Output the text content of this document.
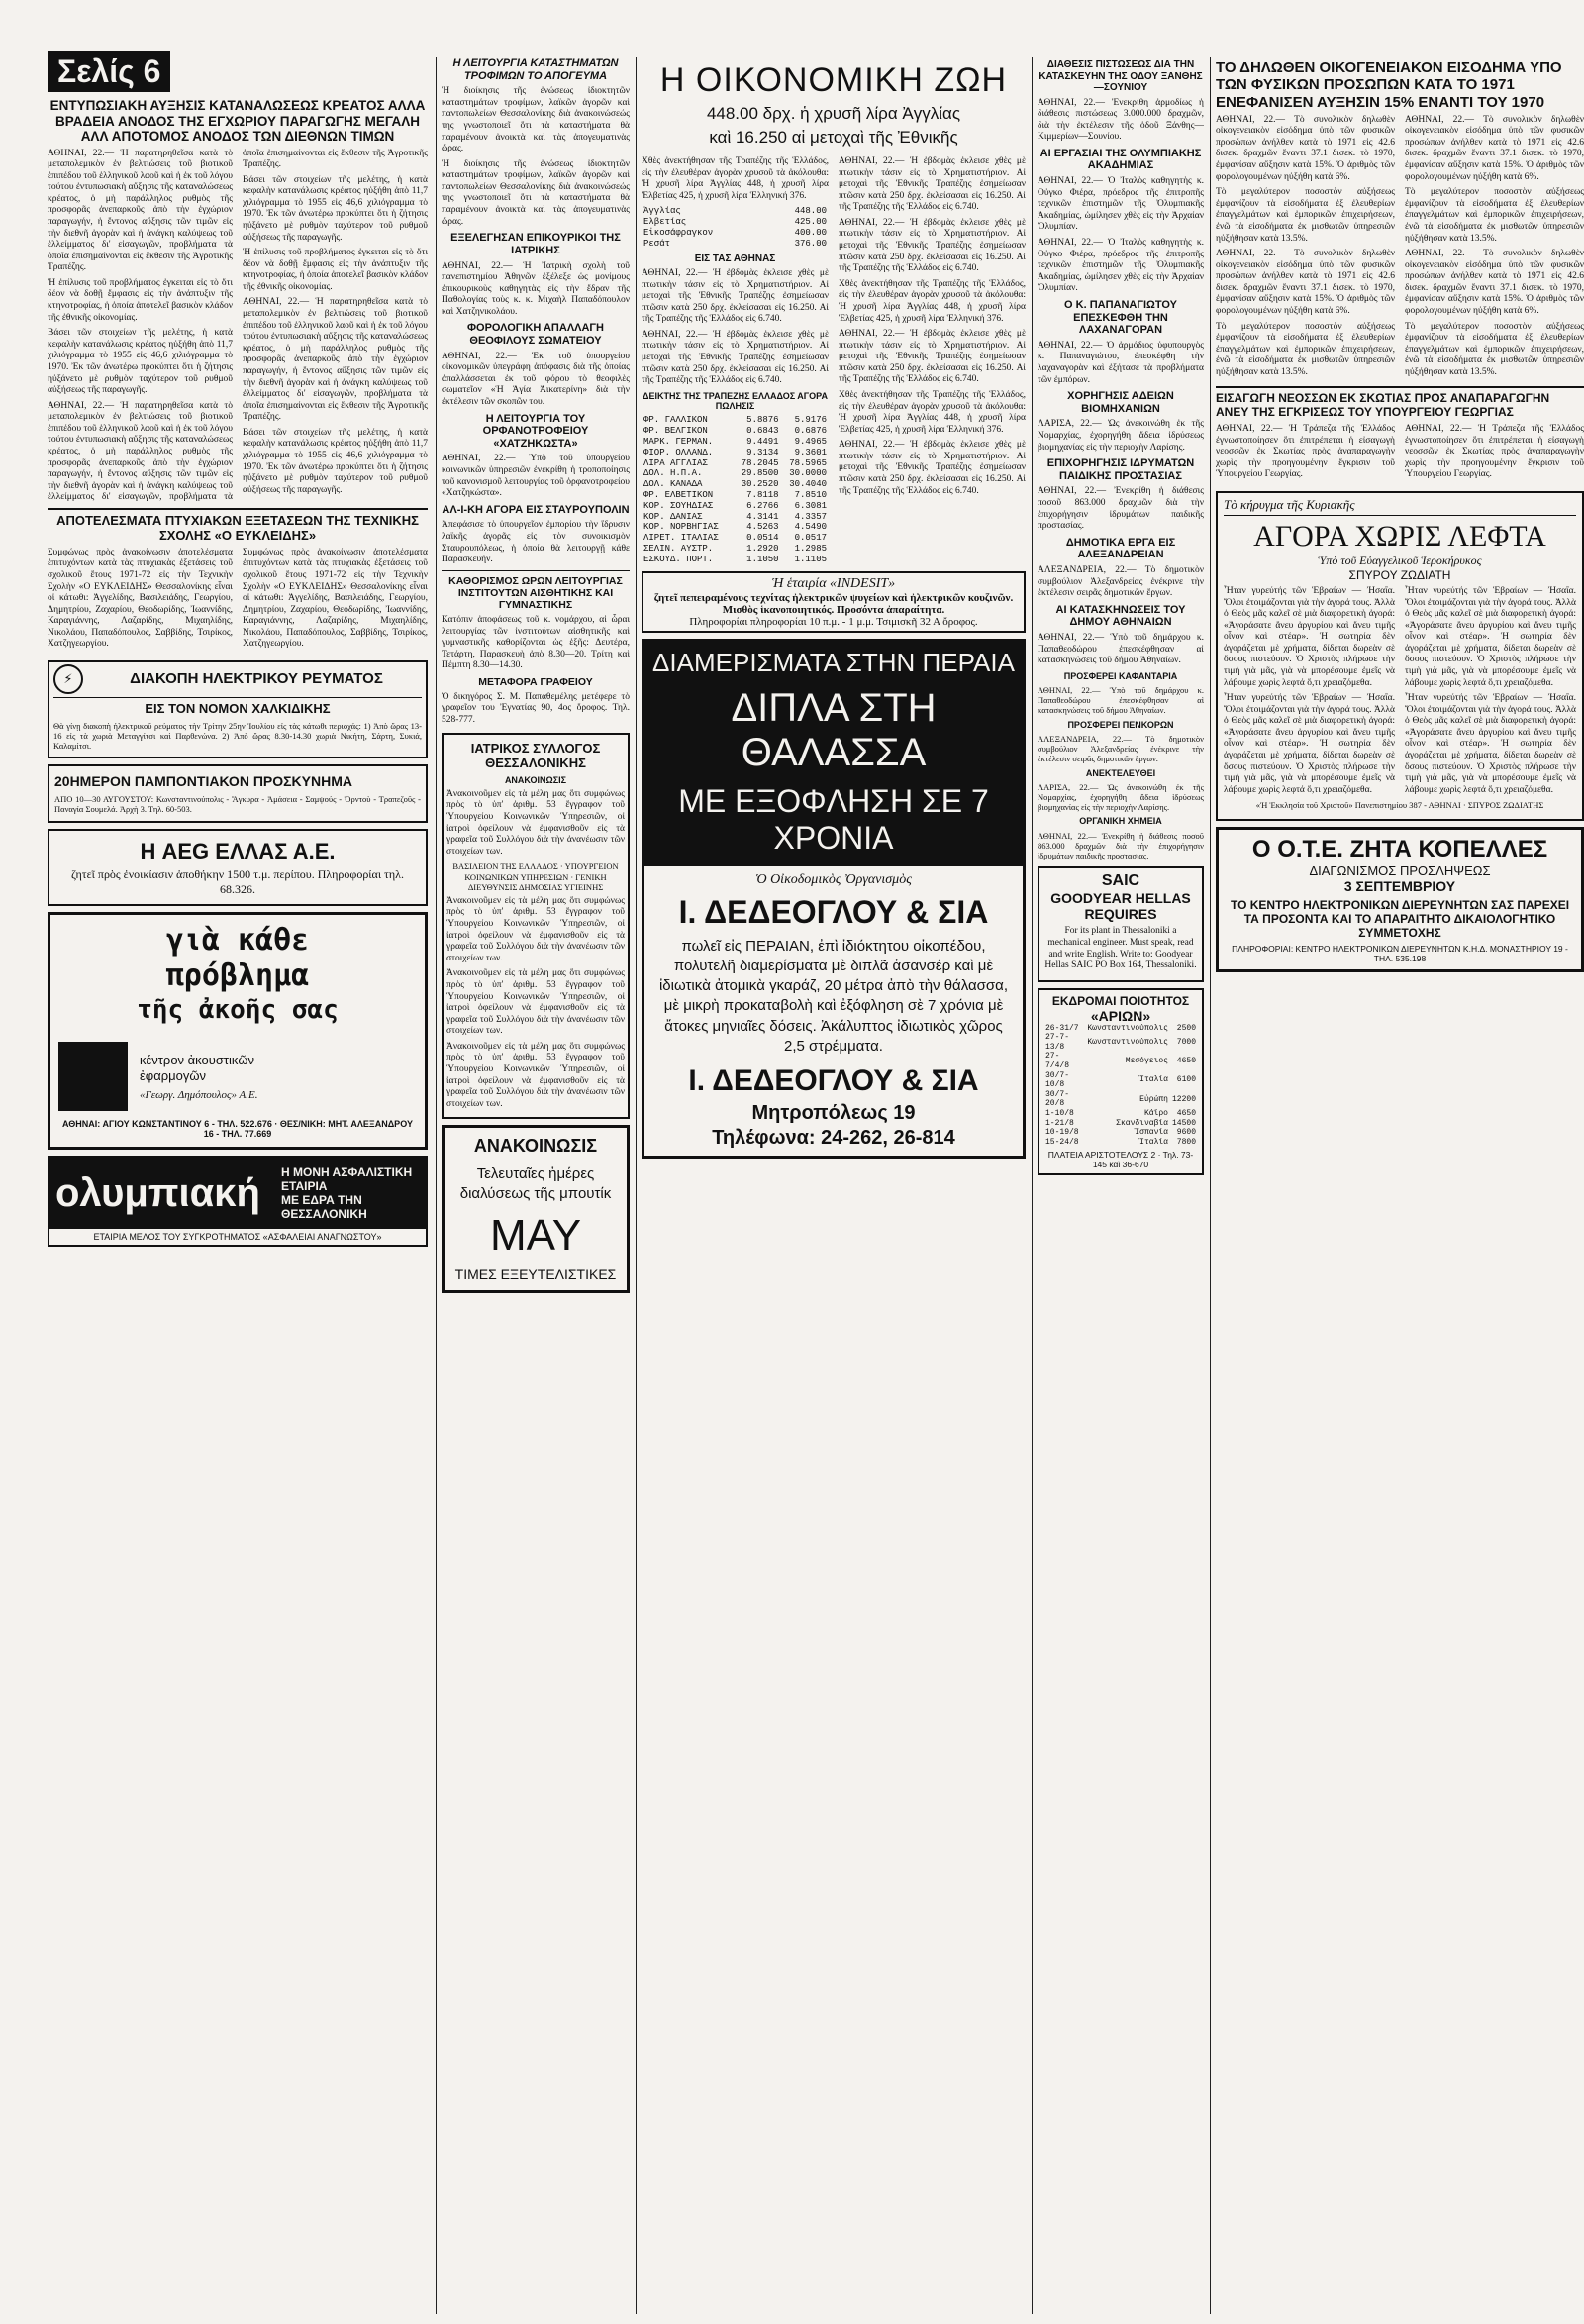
Σελίς 6
ΕΝΤΥΠΩΣΙΑΚΗ ΑΥΞΗΣΙΣ ΚΑΤΑΝΑΛΩΣΕΩΣ ΚΡΕΑΤΟΣ ΑΛΛΑ ΒΡΑΔΕΙΑ ΑΝΟΔΟΣ ΤΗΣ ΕΓΧΩΡΙΟΥ ΠΑΡΑΓΩΓΗΣ ΜΕΓΑΛΗ ΑΛΛ ΑΠΟΤΟΜΟΣ ΑΝΟΔΟΣ ΤΩΝ ΔΙΕΘΝΩΝ ΤΙΜΩΝ

ΑΘΗΝΑΙ, 22.— Ἡ παρατηρηθεῖσα κατὰ τὸ μεταπολεμικὸν ἐν βελτιώσεις τοῦ βιοτικοῦ ἐπιπέδου τοῦ ἑλληνικοῦ λαοῦ καὶ ἡ ἐκ τοῦ λόγου τούτου ἐντυπωσιακὴ αὔξησις τῆς καταναλώσεως κρέατος, ὁ μὴ παράλληλος ρυθμὸς τῆς προσφορᾶς ἀνεπαρκοῦς ἀπὸ τὴν ἐγχώριον παραγωγήν, ἡ ἔντονος αὔξησις τῶν τιμῶν εἰς τὴν διεθνῆ ἀγορὰν καὶ ἡ ἀνάγκη καλύψεως τοῦ ἐλλείμματος δι' εἰσαγωγῶν, προβλήματα τὰ ὁποῖα ἐπισημαίνονται εἰς ἔκθεσιν τῆς Ἀγροτικῆς Τραπέζης.

Ἡ ἐπίλυσις τοῦ προβλήματος ἐγκειται εἰς τὸ ὅτι δέον νὰ δοθῇ ἔμφασις εἰς τὴν ἀνάπτυξιν τῆς κτηνοτροφίας, ἡ ὁποία ἀποτελεῖ βασικὸν κλάδον τῆς ἐθνικῆς οἰκονομίας.

Βάσει τῶν στοιχείων τῆς μελέτης, ἡ κατὰ κεφαλὴν κατανάλωσις κρέατος ηὐξήθη ἀπὸ 11,7 χιλιόγραμμα τὸ 1955 εἰς 46,6 χιλιόγραμμα τὸ 1970. Ἐκ τῶν ἀνωτέρω προκύπτει ὅτι ἡ ζήτησις ηὐξάνετο μὲ ρυθμὸν ταχύτερον τοῦ ρυθμοῦ αὐξήσεως τῆς παραγωγῆς.

ΑΘΗΝΑΙ, 22.— Ἡ παρατηρηθεῖσα κατὰ τὸ μεταπολεμικὸν ἐν βελτιώσεις τοῦ βιοτικοῦ ἐπιπέδου τοῦ ἑλληνικοῦ λαοῦ καὶ ἡ ἐκ τοῦ λόγου τούτου ἐντυπωσιακὴ αὔξησις τῆς καταναλώσεως κρέατος, ὁ μὴ παράλληλος ρυθμὸς τῆς προσφορᾶς ἀνεπαρκοῦς ἀπὸ τὴν ἐγχώριον παραγωγήν, ἡ ἔντονος αὔξησις τῶν τιμῶν εἰς τὴν διεθνῆ ἀγορὰν καὶ ἡ ἀνάγκη καλύψεως τοῦ ἐλλείμματος δι' εἰσαγωγῶν, προβλήματα τὰ ὁποῖα ἐπισημαίνονται εἰς ἔκθεσιν τῆς Ἀγροτικῆς Τραπέζης.

Βάσει τῶν στοιχείων τῆς μελέτης, ἡ κατὰ κεφαλὴν κατανάλωσις κρέατος ηὐξήθη ἀπὸ 11,7 χιλιόγραμμα τὸ 1955 εἰς 46,6 χιλιόγραμμα τὸ 1970. Ἐκ τῶν ἀνωτέρω προκύπτει ὅτι ἡ ζήτησις ηὐξάνετο μὲ ρυθμὸν ταχύτερον τοῦ ρυθμοῦ αὐξήσεως τῆς παραγωγῆς.

Ἡ ἐπίλυσις τοῦ προβλήματος ἐγκειται εἰς τὸ ὅτι δέον νὰ δοθῇ ἔμφασις εἰς τὴν ἀνάπτυξιν τῆς κτηνοτροφίας, ἡ ὁποία ἀποτελεῖ βασικὸν κλάδον τῆς ἐθνικῆς οἰκονομίας.

ΑΘΗΝΑΙ, 22.— Ἡ παρατηρηθεῖσα κατὰ τὸ μεταπολεμικὸν ἐν βελτιώσεις τοῦ βιοτικοῦ ἐπιπέδου τοῦ ἑλληνικοῦ λαοῦ καὶ ἡ ἐκ τοῦ λόγου τούτου ἐντυπωσιακὴ αὔξησις τῆς καταναλώσεως κρέατος, ὁ μὴ παράλληλος ρυθμὸς τῆς προσφορᾶς ἀνεπαρκοῦς ἀπὸ τὴν ἐγχώριον παραγωγήν, ἡ ἔντονος αὔξησις τῶν τιμῶν εἰς τὴν διεθνῆ ἀγορὰν καὶ ἡ ἀνάγκη καλύψεως τοῦ ἐλλείμματος δι' εἰσαγωγῶν, προβλήματα τὰ ὁποῖα ἐπισημαίνονται εἰς ἔκθεσιν τῆς Ἀγροτικῆς Τραπέζης.

Βάσει τῶν στοιχείων τῆς μελέτης, ἡ κατὰ κεφαλὴν κατανάλωσις κρέατος ηὐξήθη ἀπὸ 11,7 χιλιόγραμμα τὸ 1955 εἰς 46,6 χιλιόγραμμα τὸ 1970. Ἐκ τῶν ἀνωτέρω προκύπτει ὅτι ἡ ζήτησις ηὐξάνετο μὲ ρυθμὸν ταχύτερον τοῦ ρυθμοῦ αὐξήσεως τῆς παραγωγῆς.

ΑΠΟΤΕΛΕΣΜΑΤΑ ΠΤΥΧΙΑΚΩΝ ΕΞΕΤΑΣΕΩΝ ΤΗΣ ΤΕΧΝΙΚΗΣ ΣΧΟΛΗΣ «Ο ΕΥΚΛΕΙΔΗΣ»

Συμφώνως πρὸς ἀνακοίνωσιν ἀποτελέσματα ἐπιτυχόντων κατὰ τὰς πτυχιακὰς ἐξετάσεις τοῦ σχολικοῦ ἔτους 1971-72 εἰς τὴν Τεχνικὴν Σχολὴν «Ο ΕΥΚΛΕΙΔΗΣ» Θεσσαλονίκης εἶναι οἱ κάτωθι: Ἀγγελίδης, Βασιλειάδης, Γεωργίου, Δημητρίου, Ζαχαρίου, Θεοδωρίδης, Ἰωαννίδης, Καραγιάννης, Λαζαρίδης, Μιχαηλίδης, Νικολάου, Παπαδόπουλος, Σαββίδης, Τσιρίκος, Χατζηγεωργίου.

Συμφώνως πρὸς ἀνακοίνωσιν ἀποτελέσματα ἐπιτυχόντων κατὰ τὰς πτυχιακὰς ἐξετάσεις τοῦ σχολικοῦ ἔτους 1971-72 εἰς τὴν Τεχνικὴν Σχολὴν «Ο ΕΥΚΛΕΙΔΗΣ» Θεσσαλονίκης εἶναι οἱ κάτωθι: Ἀγγελίδης, Βασιλειάδης, Γεωργίου, Δημητρίου, Ζαχαρίου, Θεοδωρίδης, Ἰωαννίδης, Καραγιάννης, Λαζαρίδης, Μιχαηλίδης, Νικολάου, Παπαδόπουλος, Σαββίδης, Τσιρίκος, Χατζηγεωργίου.

⚡	ΔΙΑΚΟΠΗ ΗΛΕΚΤΡΙΚΟΥ ΡΕΥΜΑΤΟΣ
ΕΙΣ ΤΟΝ ΝΟΜΟΝ ΧΑΛΚΙΔΙΚΗΣ

Θὰ γίνῃ διακοπὴ ἠλεκτρικοῦ ρεύματος τὴν Τρίτην 25ην Ἰουλίου εἰς τὰς κάτωθι περιοχάς: 1) Ἀπὸ ὥρας 13-16 εἰς τὰ χωριὰ Μεταγγίτσι καὶ Παρθενώνα. 2) Ἀπὸ ὥρας 8.30-14.30 χωριὰ Νικήτη, Σάρτη, Συκιά, Καλαμίτσι.

20ΗΜΕΡΟΝ ΠΑΜΠΟΝΤΙΑΚΟΝ ΠΡΟΣΚΥΝΗΜΑ

ΑΠΟ 10—30 ΑΥΓΟΥΣΤΟΥ: Κωνσταντινούπολις - Ἄγκυρα - Ἀμάσεια - Σαμψούς - Ὀρντοὺ - Τραπεζοῦς - Παναγία Σουμελά. Ἀρχὴ 3. Τηλ. 60-503.

Η AEG ΕΛΛΑΣ Α.Ε.

ζητεῖ πρὸς ἐνοικίασιν ἀποθήκην 1500 τ.μ. περίπου. Πληροφορίαι τηλ. 68.326.

γιὰ κάθε
πρόβλημα
τῆς ἀκοῆς σας
κέντρον ἀκουστικῶν ἐφαρμογῶν
«Γεωργ. Δημόπουλος» Α.Ε.
ΑΘΗΝΑΙ: ΑΓΙΟΥ ΚΩΝΣΤΑΝΤΙΝΟΥ 6 - ΤΗΛ. 522.676 · ΘΕΣ/ΝΙΚΗ: ΜΗΤ. ΑΛΕΞΑΝΔΡΟΥ 16 - ΤΗΛ. 77.669
ολυμπιακή	Η ΜΟΝΗ ΑΣΦΑΛΙΣΤΙΚΗ ΕΤΑΙΡΙΑ
ΜΕ ΕΔΡΑ ΤΗΝ ΘΕΣΣΑΛΟΝΙΚΗ
ΕΤΑΙΡΙΑ ΜΕΛΟΣ ΤΟΥ ΣΥΓΚΡΟΤΗΜΑΤΟΣ «ΑΣΦΑΛΕΙΑΙ ΑΝΑΓΝΩΣΤΟΥ»
Η ΛΕΙΤΟΥΡΓΙΑ ΚΑΤΑΣΤΗΜΑΤΩΝ ΤΡΟΦΙΜΩΝ ΤΟ ΑΠΟΓΕΥΜΑ

Ἡ διοίκησις τῆς ἐνώσεως ἰδιοκτητῶν καταστημάτων τροφίμων, λαϊκῶν ἀγορῶν καὶ παντοπωλείων Θεσσαλονίκης διὰ ἀνακοινώσεώς της γνωστοποιεῖ ὅτι τὰ καταστήματα θὰ παραμένουν ἀνοικτὰ καὶ τὰς ἀπογευματινὰς ὥρας.

Ἡ διοίκησις τῆς ἐνώσεως ἰδιοκτητῶν καταστημάτων τροφίμων, λαϊκῶν ἀγορῶν καὶ παντοπωλείων Θεσσαλονίκης διὰ ἀνακοινώσεώς της γνωστοποιεῖ ὅτι τὰ καταστήματα θὰ παραμένουν ἀνοικτὰ καὶ τὰς ἀπογευματινὰς ὥρας.

ΕΞΕΛΕΓΗΣΑΝ ΕΠΙΚΟΥΡΙΚΟΙ ΤΗΣ ΙΑΤΡΙΚΗΣ

ΑΘΗΝΑΙ, 22.— Ἡ Ἰατρικὴ σχολὴ τοῦ πανεπιστημίου Ἀθηνῶν ἐξέλεξε ὡς μονίμους ἐπικουρικοὺς καθηγητὰς εἰς τὴν ἕδραν τῆς Παθολογίας τοὺς κ. κ. Μιχαὴλ Παπαδόπουλον καὶ Χατζηνικολάου.

ΦΟΡΟΛΟΓΙΚΗ ΑΠΑΛΛΑΓΗ ΘΕΟΦΙΛΟΥΣ ΣΩΜΑΤΕΙΟΥ

ΑΘΗΝΑΙ, 22.— Ἐκ τοῦ ὑπουργείου οἰκονομικῶν ὑπεγράφη ἀπόφασις διὰ τῆς ὁποίας ἀπαλλάσσεται ἐκ τοῦ φόρου τὸ θεοφιλὲς σωματεῖον «Ἡ Ἁγία Ἀικατερίνη» διὰ τὴν ἐκτέλεσιν τῶν σκοπῶν του.

Η ΛΕΙΤΟΥΡΓΙΑ ΤΟΥ ΟΡΦΑΝΟΤΡΟΦΕΙΟΥ «ΧΑΤΖΗΚΩΣΤΑ»

ΑΘΗΝΑΙ, 22.— Ὑπὸ τοῦ ὑπουργείου κοινωνικῶν ὑπηρεσιῶν ἐνεκρίθη ἡ τροποποίησις τοῦ κανονισμοῦ λειτουργίας τοῦ ὀρφανοτροφείου «Χατζηκώστα».

ΑΛ-Ι-ΚΗ ΑΓΟΡΑ ΕΙΣ ΣΤΑΥΡΟΥΠΟΛΙΝ

Ἀπεφάσισε τὸ ὑπουργεῖον ἐμπορίου τὴν ἵδρυσιν λαϊκῆς ἀγορᾶς εἰς τὸν συνοικισμὸν Σταυρουπόλεως, ἡ ὁποία θὰ λειτουργῇ κάθε Παρασκευήν.

ΚΑΘΟΡΙΣΜΟΣ ΩΡΩΝ ΛΕΙΤΟΥΡΓΙΑΣ ΙΝΣΤΙΤΟΥΤΩΝ ΑΙΣΘΗΤΙΚΗΣ ΚΑΙ ΓΥΜΝΑΣΤΙΚΗΣ

Κατόπιν ἀποφάσεως τοῦ κ. νομάρχου, αἱ ὧραι λειτουργίας τῶν ἰνστιτούτων αἰσθητικῆς καὶ γυμναστικῆς καθορίζονται ὡς ἑξῆς: Δευτέρα, Τετάρτη, Παρασκευὴ ἀπὸ 8.30—20. Τρίτη καὶ Πέμπτη 8.30—14.30.

ΜΕΤΑΦΟΡΑ ΓΡΑΦΕΙΟΥ

Ὁ δικηγόρος Σ. Μ. Παπαθεμέλης μετέφερε τὸ γραφεῖον του Ἐγνατίας 90, 4ος ὄροφος. Τηλ. 528-777.

ΙΑΤΡΙΚΟΣ ΣΥΛΛΟΓΟΣ ΘΕΣΣΑΛΟΝΙΚΗΣ
ΑΝΑΚΟΙΝΩΣΙΣ

Ἀνακοινοῦμεν εἰς τὰ μέλη μας ὅτι συμφώνως πρὸς τὸ ὑπ' ἀριθμ. 53 ἔγγραφον τοῦ Ὑπουργείου Κοινωνικῶν Ὑπηρεσιῶν, οἱ ἰατροὶ ὀφείλουν νὰ ἐμφανισθοῦν εἰς τὰ γραφεῖα τοῦ Συλλόγου διὰ τὴν ἀνανέωσιν τῶν στοιχείων των.

ΒΑΣΙΛΕΙΟΝ ΤΗΣ ΕΛΛΑΔΟΣ · ΥΠΟΥΡΓΕΙΟΝ ΚΟΙΝΩΝΙΚΩΝ ΥΠΗΡΕΣΙΩΝ · ΓΕΝΙΚΗ ΔΙΕΥΘΥΝΣΙΣ ΔΗΜΟΣΙΑΣ ΥΓΙΕΙΝΗΣ

Ἀνακοινοῦμεν εἰς τὰ μέλη μας ὅτι συμφώνως πρὸς τὸ ὑπ' ἀριθμ. 53 ἔγγραφον τοῦ Ὑπουργείου Κοινωνικῶν Ὑπηρεσιῶν, οἱ ἰατροὶ ὀφείλουν νὰ ἐμφανισθοῦν εἰς τὰ γραφεῖα τοῦ Συλλόγου διὰ τὴν ἀνανέωσιν τῶν στοιχείων των.

Ἀνακοινοῦμεν εἰς τὰ μέλη μας ὅτι συμφώνως πρὸς τὸ ὑπ' ἀριθμ. 53 ἔγγραφον τοῦ Ὑπουργείου Κοινωνικῶν Ὑπηρεσιῶν, οἱ ἰατροὶ ὀφείλουν νὰ ἐμφανισθοῦν εἰς τὰ γραφεῖα τοῦ Συλλόγου διὰ τὴν ἀνανέωσιν τῶν στοιχείων των.

Ἀνακοινοῦμεν εἰς τὰ μέλη μας ὅτι συμφώνως πρὸς τὸ ὑπ' ἀριθμ. 53 ἔγγραφον τοῦ Ὑπουργείου Κοινωνικῶν Ὑπηρεσιῶν, οἱ ἰατροὶ ὀφείλουν νὰ ἐμφανισθοῦν εἰς τὰ γραφεῖα τοῦ Συλλόγου διὰ τὴν ἀνανέωσιν τῶν στοιχείων των.

ΑΝΑΚΟΙΝΩΣΙΣ
Τελευταῖες ἡμέρες διαλύσεως τῆς μπουτίκ
ΜΑΥ
ΤΙΜΕΣ ΕΞΕΥΤΕΛΙΣΤΙΚΕΣ
Η ΟΙΚΟΝΟΜΙΚΗ ΖΩΗ
448.00 δρχ. ἡ χρυσῆ λίρα Ἀγγλίας
καὶ 16.250 αἱ μετοχαὶ τῆς Ἐθνικῆς

Χθὲς ἀνεκτήθησαν τῆς Τραπέζης τῆς Ἑλλάδος, εἰς τὴν ἐλευθέραν ἀγορὰν χρυσοῦ τὰ ἀκόλουθα: Ἡ χρυσῆ λίρα Ἀγγλίας 448, ἡ χρυσῆ λίρα Ἐλβετίας 425, ἡ χρυσῆ λίρα Ἑλληνική 376.

Ἀγγλίας	448.00
Ἐλβετίας	425.00
Εἰκοσάφραγκον	400.00
Ρεσάτ	376.00
ΕΙΣ ΤΑΣ ΑΘΗΝΑΣ

ΑΘΗΝΑΙ, 22.— Ἡ ἐβδομὰς ἐκλεισε χθὲς μὲ πτωτικὴν τάσιν εἰς τὸ Χρηματιστήριον. Αἱ μετοχαὶ τῆς Ἐθνικῆς Τραπέζης ἐσημείωσαν πτῶσιν κατὰ 250 δρχ. ἐκλείσασαι εἰς 16.250. Αἱ τῆς Τραπέζης τῆς Ἑλλάδος εἰς 6.740.

ΑΘΗΝΑΙ, 22.— Ἡ ἐβδομὰς ἐκλεισε χθὲς μὲ πτωτικὴν τάσιν εἰς τὸ Χρηματιστήριον. Αἱ μετοχαὶ τῆς Ἐθνικῆς Τραπέζης ἐσημείωσαν πτῶσιν κατὰ 250 δρχ. ἐκλείσασαι εἰς 16.250. Αἱ τῆς Τραπέζης τῆς Ἑλλάδος εἰς 6.740.

ΔΕΙΚΤΗΣ ΤΗΣ ΤΡΑΠΕΖΗΣ ΕΛΛΑΔΟΣ ΑΓΟΡΑ ΠΩΛΗΣΙΣ
ΦΡ. ΓΑΛΛΙΚΟΝ	5.8876	5.9176
ΦΡ. ΒΕΛΓΙΚΟΝ	0.6843	0.6876
ΜΑΡΚ. ΓΕΡΜΑΝ.	9.4491	9.4965
ΦΙΟΡ. ΟΛΛΑΝΔ.	9.3134	9.3601
ΛΙΡΑ ΑΓΓΛΙΑΣ	78.2045	78.5965
ΔΟΛ. Η.Π.Α.	29.8500	30.0000
ΔΟΛ. ΚΑΝΑΔΑ	30.2520	30.4040
ΦΡ. ΕΛΒΕΤΙΚΟΝ	7.8118	7.8510
ΚΟΡ. ΣΟΥΗΔΙΑΣ	6.2766	6.3081
ΚΟΡ. ΔΑΝΙΑΣ	4.3141	4.3357
ΚΟΡ. ΝΟΡΒΗΓΙΑΣ	4.5263	4.5490
ΛΙΡΕΤ. ΙΤΑΛΙΑΣ	0.0514	0.0517
ΣΕΛΙΝ. ΑΥΣΤΡ.	1.2920	1.2985
ΕΣΚΟΥΔ. ΠΟΡΤ.	1.1050	1.1105

ΑΘΗΝΑΙ, 22.— Ἡ ἐβδομὰς ἐκλεισε χθὲς μὲ πτωτικὴν τάσιν εἰς τὸ Χρηματιστήριον. Αἱ μετοχαὶ τῆς Ἐθνικῆς Τραπέζης ἐσημείωσαν πτῶσιν κατὰ 250 δρχ. ἐκλείσασαι εἰς 16.250. Αἱ τῆς Τραπέζης τῆς Ἑλλάδος εἰς 6.740.

ΑΘΗΝΑΙ, 22.— Ἡ ἐβδομὰς ἐκλεισε χθὲς μὲ πτωτικὴν τάσιν εἰς τὸ Χρηματιστήριον. Αἱ μετοχαὶ τῆς Ἐθνικῆς Τραπέζης ἐσημείωσαν πτῶσιν κατὰ 250 δρχ. ἐκλείσασαι εἰς 16.250. Αἱ τῆς Τραπέζης τῆς Ἑλλάδος εἰς 6.740.

Χθὲς ἀνεκτήθησαν τῆς Τραπέζης τῆς Ἑλλάδος, εἰς τὴν ἐλευθέραν ἀγορὰν χρυσοῦ τὰ ἀκόλουθα: Ἡ χρυσῆ λίρα Ἀγγλίας 448, ἡ χρυσῆ λίρα Ἐλβετίας 425, ἡ χρυσῆ λίρα Ἑλληνική 376.

ΑΘΗΝΑΙ, 22.— Ἡ ἐβδομὰς ἐκλεισε χθὲς μὲ πτωτικὴν τάσιν εἰς τὸ Χρηματιστήριον. Αἱ μετοχαὶ τῆς Ἐθνικῆς Τραπέζης ἐσημείωσαν πτῶσιν κατὰ 250 δρχ. ἐκλείσασαι εἰς 16.250. Αἱ τῆς Τραπέζης τῆς Ἑλλάδος εἰς 6.740.

Χθὲς ἀνεκτήθησαν τῆς Τραπέζης τῆς Ἑλλάδος, εἰς τὴν ἐλευθέραν ἀγορὰν χρυσοῦ τὰ ἀκόλουθα: Ἡ χρυσῆ λίρα Ἀγγλίας 448, ἡ χρυσῆ λίρα Ἐλβετίας 425, ἡ χρυσῆ λίρα Ἑλληνική 376.

ΑΘΗΝΑΙ, 22.— Ἡ ἐβδομὰς ἐκλεισε χθὲς μὲ πτωτικὴν τάσιν εἰς τὸ Χρηματιστήριον. Αἱ μετοχαὶ τῆς Ἐθνικῆς Τραπέζης ἐσημείωσαν πτῶσιν κατὰ 250 δρχ. ἐκλείσασαι εἰς 16.250. Αἱ τῆς Τραπέζης τῆς Ἑλλάδος εἰς 6.740.

Ἡ ἑταιρία «INDESIT»
ζητεῖ πεπειραμένους τεχνίτας ἠλεκτρικῶν ψυγείων καὶ ἠλεκτρικῶν κουζινῶν. Μισθὸς ἱκανοποιητικός. Προσόντα ἀπαραίτητα.
Πληροφορίαι πληροφορίαι 10 π.μ. - 1 μ.μ. Τσιμισκῆ 32 Α ὄροφος.
ΔΙΑΜΕΡΙΣΜΑΤΑ ΣΤΗΝ ΠΕΡΑΙΑ
ΔΙΠΛΑ ΣΤΗ ΘΑΛΑΣΣΑ
ΜΕ ΕΞΟΦΛΗΣΗ ΣΕ 7 ΧΡΟΝΙΑ
Ὁ Οἰκοδομικὸς Ὀργανισμὸς
Ι. ΔΕΔΕΟΓΛΟΥ & ΣΙΑ
πωλεῖ εἰς ΠΕΡΑΙΑΝ, ἐπὶ ἰδιόκτητου οἰκοπέδου, πολυτελῆ διαμερίσματα μὲ διπλᾶ ἀσανσέρ καὶ μὲ ἰδιωτικὰ ἀτομικὰ γκαράζ, 20 μέτρα ἀπὸ τὴν θάλασσα, μὲ μικρὴ προκαταβολὴ καὶ ἐξόφληση σὲ 7 χρόνια μὲ ἄτοκες μηνιαῖες δόσεις. Ἀκάλυπτος ἰδιωτικὸς χῶρος 2,5 στρέμματα.
Ι. ΔΕΔΕΟΓΛΟΥ & ΣΙΑ
Μητροπόλεως 19
Τηλέφωνα: 24-262, 26-814
ΔΙΑΘΕΣΙΣ ΠΙΣΤΩΣΕΩΣ ΔΙΑ ΤΗΝ ΚΑΤΑΣΚΕΥΗΝ ΤΗΣ ΟΔΟΥ ΞΑΝΘΗΣ—ΣΟΥΝΙΟΥ

ΑΘΗΝΑΙ, 22.— Ἐνεκρίθη ἀρμοδίως ἡ διάθεσις πιστώσεως 3.000.000 δραχμῶν, διὰ τὴν ἐκτέλεσιν τῆς ὁδοῦ Ξάνθης—Κιμμερίων—Σουνίου.

ΑΙ ΕΡΓΑΣΙΑΙ ΤΗΣ ΟΛΥΜΠΙΑΚΗΣ ΑΚΑΔΗΜΙΑΣ

ΑΘΗΝΑΙ, 22.— Ὁ Ἰταλὸς καθηγητὴς κ. Οὐγκο Φιέρα, πρόεδρος τῆς ἐπιτροπῆς τεχνικῶν ἐπιστημῶν τῆς Ὀλυμπιακῆς Ἀκαδημίας, ὡμίλησεν χθὲς εἰς τὴν Ἀρχαίαν Ὀλυμπίαν.

ΑΘΗΝΑΙ, 22.— Ὁ Ἰταλὸς καθηγητὴς κ. Οὐγκο Φιέρα, πρόεδρος τῆς ἐπιτροπῆς τεχνικῶν ἐπιστημῶν τῆς Ὀλυμπιακῆς Ἀκαδημίας, ὡμίλησεν χθὲς εἰς τὴν Ἀρχαίαν Ὀλυμπίαν.

Ο Κ. ΠΑΠΑΝΑΓΙΩΤΟΥ ΕΠΕΣΚΕΦΘΗ ΤΗΝ ΛΑΧΑΝΑΓΟΡΑΝ

ΑΘΗΝΑΙ, 22.— Ὁ ἀρμόδιος ὑφυπουργὸς κ. Παπαναγιώτου, ἐπεσκέφθη τὴν λαχαναγορὰν καὶ ἐξήτασε τὰ προβλήματα τῶν ἐμπόρων.

ΧΟΡΗΓΗΣΙΣ ΑΔΕΙΩΝ ΒΙΟΜΗΧΑΝΙΩΝ

ΛΑΡΙΣΑ, 22.— Ὡς ἀνεκοινώθη ἐκ τῆς Νομαρχίας, ἐχορηγήθη ἄδεια ἱδρύσεως βιομηχανίας εἰς τὴν περιοχὴν Λαρίσης.

ΕΠΙΧΟΡΗΓΗΣΙΣ ΙΔΡΥΜΑΤΩΝ ΠΑΙΔΙΚΗΣ ΠΡΟΣΤΑΣΙΑΣ

ΑΘΗΝΑΙ, 22.— Ἐνεκρίθη ἡ διάθεσις ποσοῦ 863.000 δραχμῶν διὰ τὴν ἐπιχορήγησιν ἱδρυμάτων παιδικῆς προστασίας.

ΔΗΜΟΤΙΚΑ ΕΡΓΑ ΕΙΣ ΑΛΕΞΑΝΔΡΕΙΑΝ

ΑΛΕΞΑΝΔΡΕΙΑ, 22.— Τὸ δημοτικὸν συμβούλιον Ἀλεξανδρείας ἐνέκρινε τὴν ἐκτέλεσιν σειρᾶς δημοτικῶν ἔργων.

ΑΙ ΚΑΤΑΣΚΗΝΩΣΕΙΣ ΤΟΥ ΔΗΜΟΥ ΑΘΗΝΑΙΩΝ

ΑΘΗΝΑΙ, 22.— Ὑπὸ τοῦ δημάρχου κ. Παπαθεοδώρου ἐπεσκέφθησαν αἱ κατασκηνώσεις τοῦ δήμου Ἀθηναίων.

ΠΡΟΣΦΕΡΕΙ ΚΑΦΑΝΤΑΡΙΑ

ΑΘΗΝΑΙ, 22.— Ὑπὸ τοῦ δημάρχου κ. Παπαθεοδώρου ἐπεσκέφθησαν αἱ κατασκηνώσεις τοῦ δήμου Ἀθηναίων.

ΠΡΟΣΦΕΡΕΙ ΠΕΝΚΟΡΩΝ

ΑΛΕΞΑΝΔΡΕΙΑ, 22.— Τὸ δημοτικὸν συμβούλιον Ἀλεξανδρείας ἐνέκρινε τὴν ἐκτέλεσιν σειρᾶς δημοτικῶν ἔργων.

ΑΝΕΚΤΕΛΕΥΘΕΙ

ΛΑΡΙΣΑ, 22.— Ὡς ἀνεκοινώθη ἐκ τῆς Νομαρχίας, ἐχορηγήθη ἄδεια ἱδρύσεως βιομηχανίας εἰς τὴν περιοχὴν Λαρίσης.

ΟΡΓΑΝΙΚΗ ΧΗΜΕΙΑ

ΑΘΗΝΑΙ, 22.— Ἐνεκρίθη ἡ διάθεσις ποσοῦ 863.000 δραχμῶν διὰ τὴν ἐπιχορήγησιν ἱδρυμάτων παιδικῆς προστασίας.

SAIC
GOODYEAR HELLAS
REQUIRES

For its plant in Thessaloniki a mechanical engineer. Must speak, read and write English. Write to: Goodyear Hellas SAIC PO Box 164, Thessaloniki.

ΕΚΔΡΟΜΑΙ ΠΟΙΟΤΗΤΟΣ
«ΑΡΙΩΝ»
26-31/7	Κωνσταντινούπολις	2500
27-7-13/8	Κωνσταντινούπολις	7000
27-7/4/8	Μεσόγειος	4650
30/7-10/8	Ἰταλία	6100
30/7-20/8	Εὐρώπη	12200
1-10/8	Κάϊρο	4650
1-21/8	Σκανδιναβία	14500
10-19/8	Ἰσπανία	9600
15-24/8	Ἰταλία	7800
ΠΛΑΤΕΙΑ ΑΡΙΣΤΟΤΕΛΟΥΣ 2 · Τηλ. 73-145 καὶ 36-670
ΤΟ ΔΗΛΩΘΕΝ ΟΙΚΟΓΕΝΕΙΑΚΟΝ ΕΙΣΟΔΗΜΑ ΥΠΟ ΤΩΝ ΦΥΣΙΚΩΝ ΠΡΟΣΩΠΩΝ ΚΑΤΑ ΤΟ 1971 ΕΝΕΦΑΝΙΣΕΝ ΑΥΞΗΣΙΝ 15% ΕΝΑΝΤΙ ΤΟΥ 1970

ΑΘΗΝΑΙ, 22.— Τὸ συνολικὸν δηλωθὲν οἰκογενειακὸν εἰσόδημα ὑπὸ τῶν φυσικῶν προσώπων ἀνήλθεν κατὰ τὸ 1971 εἰς 42.6 δισεκ. δραχμῶν ἔναντι 37.1 δισεκ. τὸ 1970, ἐμφανίσαν αὔξησιν κατὰ 15%. Ὁ ἀριθμὸς τῶν φορολογουμένων ηὐξήθη κατὰ 6%.

Τὸ μεγαλύτερον ποσοστὸν αὐξήσεως ἐμφανίζουν τὰ εἰσοδήματα ἐξ ἐλευθερίων ἐπαγγελμάτων καὶ ἐμπορικῶν ἐπιχειρήσεων, ἐνῶ τὰ εἰσοδήματα ἐκ μισθωτῶν ὑπηρεσιῶν ηὐξήθησαν κατὰ 13.5%.

ΑΘΗΝΑΙ, 22.— Τὸ συνολικὸν δηλωθὲν οἰκογενειακὸν εἰσόδημα ὑπὸ τῶν φυσικῶν προσώπων ἀνήλθεν κατὰ τὸ 1971 εἰς 42.6 δισεκ. δραχμῶν ἔναντι 37.1 δισεκ. τὸ 1970, ἐμφανίσαν αὔξησιν κατὰ 15%. Ὁ ἀριθμὸς τῶν φορολογουμένων ηὐξήθη κατὰ 6%.

Τὸ μεγαλύτερον ποσοστὸν αὐξήσεως ἐμφανίζουν τὰ εἰσοδήματα ἐξ ἐλευθερίων ἐπαγγελμάτων καὶ ἐμπορικῶν ἐπιχειρήσεων, ἐνῶ τὰ εἰσοδήματα ἐκ μισθωτῶν ὑπηρεσιῶν ηὐξήθησαν κατὰ 13.5%.

ΑΘΗΝΑΙ, 22.— Τὸ συνολικὸν δηλωθὲν οἰκογενειακὸν εἰσόδημα ὑπὸ τῶν φυσικῶν προσώπων ἀνήλθεν κατὰ τὸ 1971 εἰς 42.6 δισεκ. δραχμῶν ἔναντι 37.1 δισεκ. τὸ 1970, ἐμφανίσαν αὔξησιν κατὰ 15%. Ὁ ἀριθμὸς τῶν φορολογουμένων ηὐξήθη κατὰ 6%.

Τὸ μεγαλύτερον ποσοστὸν αὐξήσεως ἐμφανίζουν τὰ εἰσοδήματα ἐξ ἐλευθερίων ἐπαγγελμάτων καὶ ἐμπορικῶν ἐπιχειρήσεων, ἐνῶ τὰ εἰσοδήματα ἐκ μισθωτῶν ὑπηρεσιῶν ηὐξήθησαν κατὰ 13.5%.

ΑΘΗΝΑΙ, 22.— Τὸ συνολικὸν δηλωθὲν οἰκογενειακὸν εἰσόδημα ὑπὸ τῶν φυσικῶν προσώπων ἀνήλθεν κατὰ τὸ 1971 εἰς 42.6 δισεκ. δραχμῶν ἔναντι 37.1 δισεκ. τὸ 1970, ἐμφανίσαν αὔξησιν κατὰ 15%. Ὁ ἀριθμὸς τῶν φορολογουμένων ηὐξήθη κατὰ 6%.

Τὸ μεγαλύτερον ποσοστὸν αὐξήσεως ἐμφανίζουν τὰ εἰσοδήματα ἐξ ἐλευθερίων ἐπαγγελμάτων καὶ ἐμπορικῶν ἐπιχειρήσεων, ἐνῶ τὰ εἰσοδήματα ἐκ μισθωτῶν ὑπηρεσιῶν ηὐξήθησαν κατὰ 13.5%.

ΕΙΣΑΓΩΓΗ ΝΕΟΣΣΩΝ ΕΚ ΣΚΩΤΙΑΣ ΠΡΟΣ ΑΝΑΠΑΡΑΓΩΓΗΝ ΑΝΕΥ ΤΗΣ ΕΓΚΡΙΣΕΩΣ ΤΟΥ ΥΠΟΥΡΓΕΙΟΥ ΓΕΩΡΓΙΑΣ

ΑΘΗΝΑΙ, 22.— Ἡ Τράπεζα τῆς Ἑλλάδος ἐγνωστοποίησεν ὅτι ἐπιτρέπεται ἡ εἰσαγωγὴ νεοσσῶν ἐκ Σκωτίας πρὸς ἀναπαραγωγὴν χωρὶς τὴν προηγουμένην ἔγκρισιν τοῦ Ὑπουργείου Γεωργίας.

ΑΘΗΝΑΙ, 22.— Ἡ Τράπεζα τῆς Ἑλλάδος ἐγνωστοποίησεν ὅτι ἐπιτρέπεται ἡ εἰσαγωγὴ νεοσσῶν ἐκ Σκωτίας πρὸς ἀναπαραγωγὴν χωρὶς τὴν προηγουμένην ἔγκρισιν τοῦ Ὑπουργείου Γεωργίας.

Τὸ κήρυγμα τῆς Κυριακῆς
ΑΓΟΡΑ ΧΩΡΙΣ ΛΕΦΤΑ
Ὑπὸ τοῦ Εὐαγγελικοῦ Ἱεροκήρυκος
ΣΠΥΡΟΥ ΖΩΔΙΑΤΗ

Ἦταν γυρεύτής τῶν Ἑβραίων — Ἠσαΐα. Ὅλοι ἐτοιμάζονται γιὰ τὴν ἀγορά τους. Ἀλλὰ ὁ Θεὸς μᾶς καλεῖ σὲ μιὰ διαφορετικὴ ἀγορά: «Ἀγοράσατε ἄνευ ἀργυρίου καὶ ἄνευ τιμῆς οἶνον καὶ στέαρ». Ἡ σωτηρία δὲν ἀγοράζεται μὲ χρήματα, δίδεται δωρεὰν σὲ ὅσους πιστεύουν. Ὁ Χριστὸς πλήρωσε τὴν τιμὴ γιὰ μᾶς, γιὰ νὰ μπορέσουμε ἐμεῖς νὰ λάβουμε χωρὶς λεφτά ὅ,τι χρειαζόμεθα.

Ἦταν γυρεύτής τῶν Ἑβραίων — Ἠσαΐα. Ὅλοι ἐτοιμάζονται γιὰ τὴν ἀγορά τους. Ἀλλὰ ὁ Θεὸς μᾶς καλεῖ σὲ μιὰ διαφορετικὴ ἀγορά: «Ἀγοράσατε ἄνευ ἀργυρίου καὶ ἄνευ τιμῆς οἶνον καὶ στέαρ». Ἡ σωτηρία δὲν ἀγοράζεται μὲ χρήματα, δίδεται δωρεὰν σὲ ὅσους πιστεύουν. Ὁ Χριστὸς πλήρωσε τὴν τιμὴ γιὰ μᾶς, γιὰ νὰ μπορέσουμε ἐμεῖς νὰ λάβουμε χωρὶς λεφτά ὅ,τι χρειαζόμεθα.

Ἦταν γυρεύτής τῶν Ἑβραίων — Ἠσαΐα. Ὅλοι ἐτοιμάζονται γιὰ τὴν ἀγορά τους. Ἀλλὰ ὁ Θεὸς μᾶς καλεῖ σὲ μιὰ διαφορετικὴ ἀγορά: «Ἀγοράσατε ἄνευ ἀργυρίου καὶ ἄνευ τιμῆς οἶνον καὶ στέαρ». Ἡ σωτηρία δὲν ἀγοράζεται μὲ χρήματα, δίδεται δωρεὰν σὲ ὅσους πιστεύουν. Ὁ Χριστὸς πλήρωσε τὴν τιμὴ γιὰ μᾶς, γιὰ νὰ μπορέσουμε ἐμεῖς νὰ λάβουμε χωρὶς λεφτά ὅ,τι χρειαζόμεθα.

Ἦταν γυρεύτής τῶν Ἑβραίων — Ἠσαΐα. Ὅλοι ἐτοιμάζονται γιὰ τὴν ἀγορά τους. Ἀλλὰ ὁ Θεὸς μᾶς καλεῖ σὲ μιὰ διαφορετικὴ ἀγορά: «Ἀγοράσατε ἄνευ ἀργυρίου καὶ ἄνευ τιμῆς οἶνον καὶ στέαρ». Ἡ σωτηρία δὲν ἀγοράζεται μὲ χρήματα, δίδεται δωρεὰν σὲ ὅσους πιστεύουν. Ὁ Χριστὸς πλήρωσε τὴν τιμὴ γιὰ μᾶς, γιὰ νὰ μπορέσουμε ἐμεῖς νὰ λάβουμε χωρὶς λεφτά ὅ,τι χρειαζόμεθα.

«Ἡ Ἐκκλησία τοῦ Χριστοῦ» Πανεπιστημίου 387 - ΑΘΗΝΑΙ · ΣΠΥΡΟΣ ΖΩΔΙΑΤΗΣ

Ο Ο.Τ.Ε. ΖΗΤΑ ΚΟΠΕΛΛΕΣ
ΔΙΑΓΩΝΙΣΜΟΣ ΠΡΟΣΛΗΨΕΩΣ
3 ΣΕΠΤΕΜΒΡΙΟΥ
ΤΟ ΚΕΝΤΡΟ ΗΛΕΚΤΡΟΝΙΚΩΝ ΔΙΕΡΕΥΝΗΤΩΝ ΣΑΣ ΠΑΡΕΧΕΙ ΤΑ ΠΡΟΣΟΝΤΑ ΚΑΙ ΤΟ ΑΠΑΡΑΙΤΗΤΟ ΔΙΚΑΙΟΛΟΓΗΤΙΚΟ ΣΥΜΜΕΤΟΧΗΣ
ΠΛΗΡΟΦΟΡΙΑΙ: ΚΕΝΤΡΟ ΗΛΕΚΤΡΟΝΙΚΩΝ ΔΙΕΡΕΥΝΗΤΩΝ Κ.Η.Δ. ΜΟΝΑΣΤΗΡΙΟΥ 19 - ΤΗΛ. 535.198
